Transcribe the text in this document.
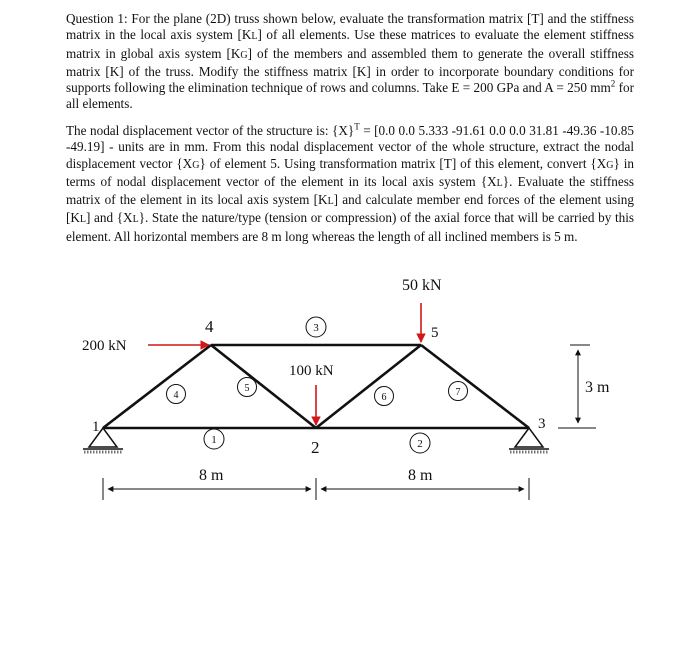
Question 1: For the plane (2D) truss shown below, evaluate the transformation matrix [T] and the stiffness matrix in the local axis system [KL] of all elements. Use these matrices to evaluate the element stiffness matrix in global axis system [KG] of the members and assembled them to generate the overall stiffness matrix [K] of the truss. Modify the stiffness matrix [K] in order to incorporate boundary conditions for supports following the elimination technique of rows and columns. Take E = 200 GPa and A = 250 $mm^2$ for all elements.

The nodal displacement vector of the structure is: $\{X\}^T = [0.0$ 0.0 5.333 -91.61 0.0 0.0 31.81 -49.36 -10.85 -49.19] - units are in mm. From this nodal displacement vector of the whole structure, extract the nodal displacement vector {XG} of element 5. Using transformation matrix [T] of this element, convert {XG} in terms of nodal displacement vector of the element in its local axis system {XL}. Evaluate the stiffness matrix of the element in its local axis system [KL] and calculate member end forces of the element using [KL] and {XL}. State the nature/type (tension or compression) of the axial force that will be carried by this element. All horizontal members are 8 m long whereas the length of all inclined members is 5 m.

1
2
3
4	5
1	2
3
4
5
6	7
200 kN
100 kN
50 kN
8 m	8 m
3 m
